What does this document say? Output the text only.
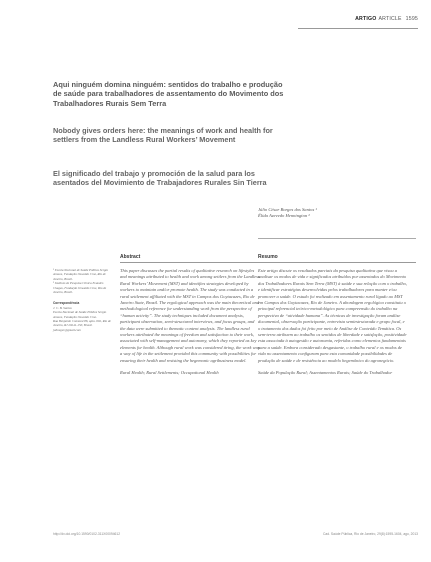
ARTIGO ARTICLE 1595
Aqui ninguém domina ninguém: sentidos do trabalho e produção de saúde para trabalhadores de assentamento do Movimento dos Trabalhadores Rurais Sem Terra
Nobody gives orders here: the meanings of work and health for settlers from the Landless Rural Workers’ Movement
El significado del trabajo y promoción de la salud para los asentados del Movimiento de Trabajadores Rurales Sin Tierra
Júlio César Borges dos Santos ¹
Élida Azevedo Hennington ²
¹ Escola Nacional de Saúde Pública Sergio Arouca, Fundação Oswaldo Cruz, Rio de Janeiro, Brasil.
² Instituto de Pesquisa Clínica Evandro Chagas, Fundação Oswaldo Cruz, Rio de Janeiro, Brasil.
Correspondência
J. C. B. Santos
Escola Nacional de Saúde Pública Sergio Arouca, Fundação Oswaldo Cruz.
Rua Benjamin Constant 86, apto. 602, Rio de Janeiro, RJ 20241-150, Brasil.
julioeger@gmail.com
Abstract

This paper discusses the partial results of qualitative research on lifestyles and meanings attributed to health and work among settlers from the Landless Rural Workers’ Movement (MST) and identifies strategies developed by workers to maintain and/or promote health. The study was conducted in a rural settlement affiliated with the MST in Campos dos Goytacazes, Rio de Janeiro State, Brazil. The ergological approach was the main theoretical and methodological reference for understanding work from the perspective of “human activity”. The study techniques included document analysis, participant observation, semi-structured interviews, and focus groups, and the data were submitted to thematic content analysis. The landless rural workers attributed the meanings of freedom and satisfaction to their work, associated with self-management and autonomy, which they reported as key elements for health. Although rural work was considered tiring, the work was a way of life in the settlement provided this community with possibilities for ensuring their health and resisting the hegemonic agribusiness model.

Rural Health; Rural Settlements; Occupational Health

Resumo

Este artigo discute os resultados parciais da pesquisa qualitativa que visou a analisar os modos de vida e significados atribuídos por assentados do Movimento dos Trabalhadores Rurais Sem Terra (MST) à saúde e sua relação com o trabalho, e identificar estratégias desenvolvidas pelos trabalhadores para manter e/ou promover a saúde. O estudo foi realizado em assentamento rural ligado ao MST em Campos dos Goytacazes, Rio de Janeiro. A abordagem ergológica constituiu o principal referencial teórico-metodológico para compreensão do trabalho na perspectiva de “atividade humana”. As técnicas de investigação foram análise documental, observação participante, entrevista semiestruturada e grupo focal, e o tratamento dos dados foi feito por meio de Análise de Conteúdo Temática. Os sem-terra atribuem ao trabalho os sentidos de liberdade e satisfação, positividade esta associada à autogestão e autonomia, referidas como elementos fundamentais para a saúde. Embora considerado desgastante, o trabalho rural e os modos de vida no assentamento configuram para esta comunidade possibilidades de produção de saúde e de resistência ao modelo hegemônico do agronegócio.

Saúde da População Rural; Assentamentos Rurais; Saúde do Trabalhador

http://dx.doi.org/10.1590/0102-311X00094612	Cad. Saúde Pública, Rio de Janeiro, 29(8):1595-1604, ago, 2013
